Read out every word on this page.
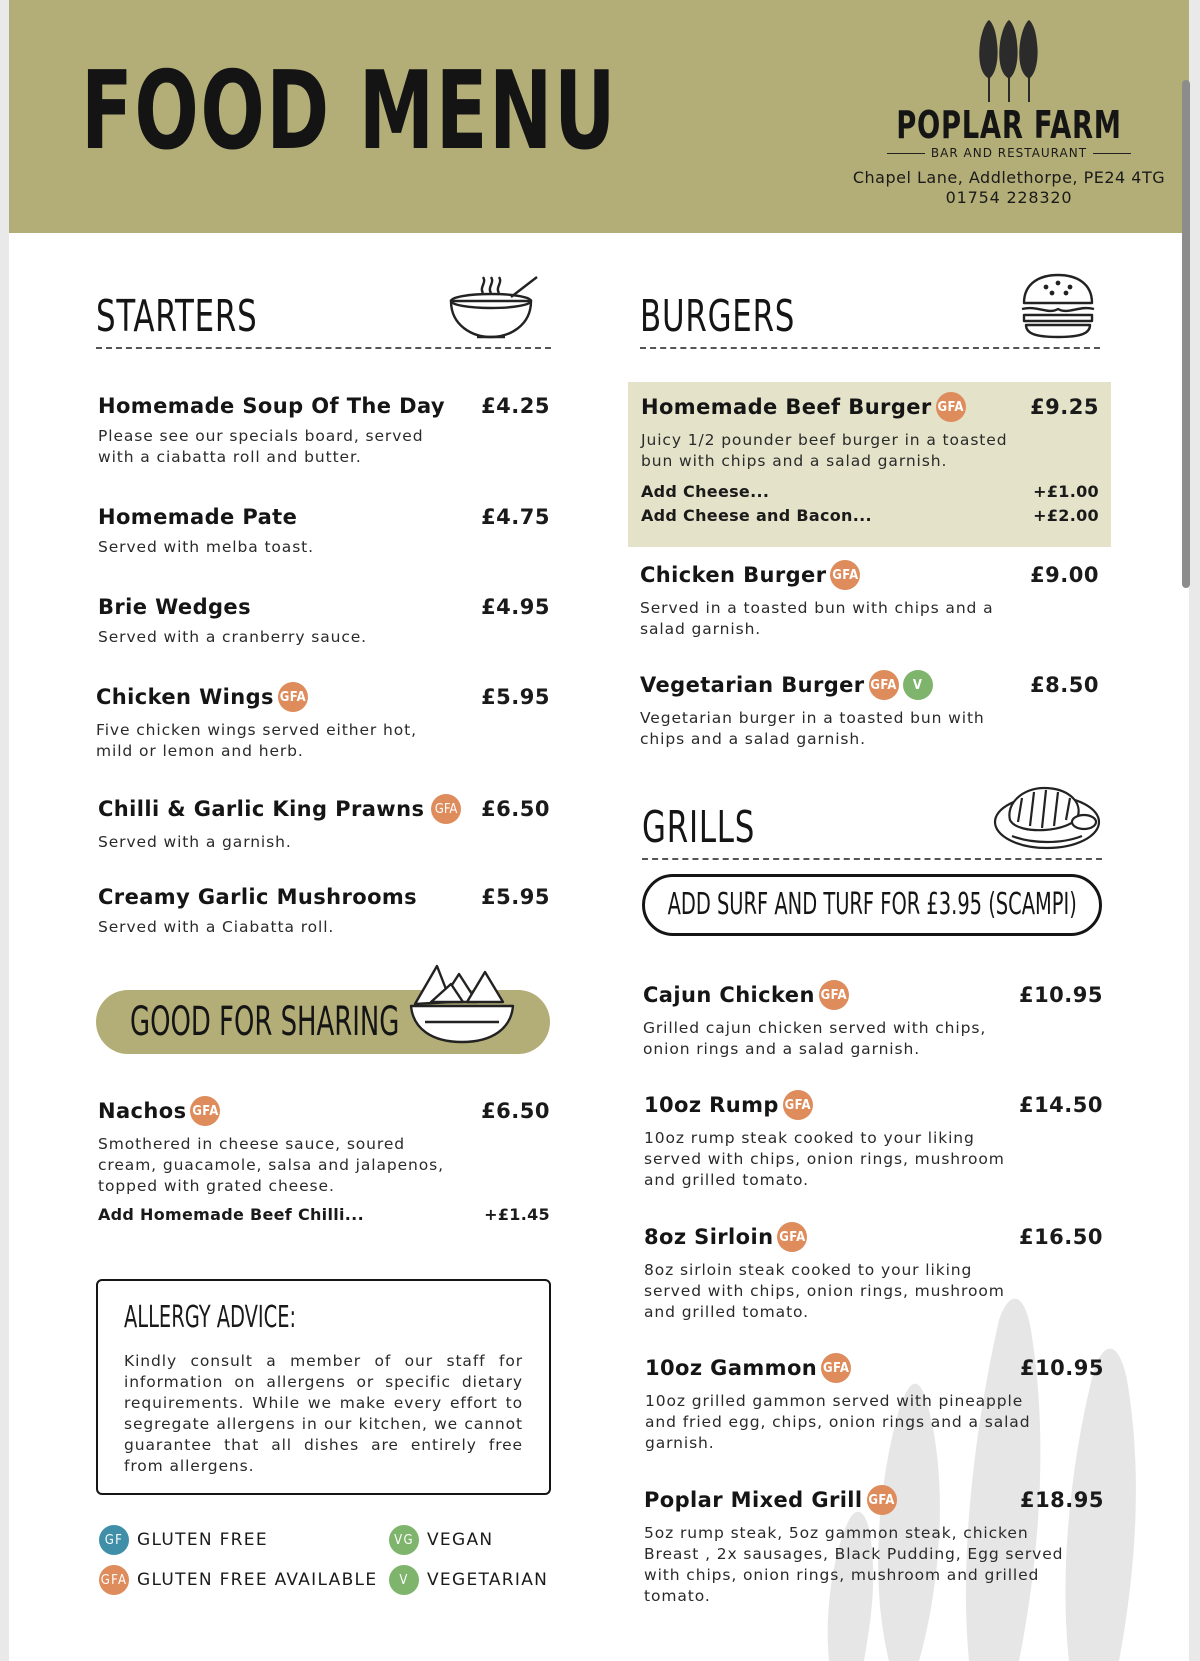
FOOD MENU	POPLAR FARM
BAR AND RESTAURANT
Chapel Lane, Addlethorpe, PE24 4TG
01754 228320
STARTERS
Homemade Soup Of The Day £4.25
Please see our specials board, served with a ciabatta roll and butter.
Homemade Pate	£4.75
Served with melba toast.
Brie Wedges	£4.95
Served with a cranberry sauce.
Chicken Wings GFA	£5.95
Five chicken wings served either hot, mild or lemon and herb.
Chilli & Garlic King Prawns GFA £6.50
Served with a garnish.
Creamy Garlic Mushrooms	£5.95
Served with a Ciabatta roll.
GOOD FOR SHARING
Nachos GFA	£6.50
Smothered in cheese sauce, soured cream, guacamole, salsa and jalapenos, topped with grated cheese.
Add Homemade Beef Chilli...	+£1.45
ALLERGY ADVICE:
Kindly consult a member of our staff for information on allergens or specific dietary requirements. While we make every effort to segregate allergens in our kitchen, we cannot guarantee that all dishes are entirely free from allergens.
GF GLUTEN FREE
GFA GLUTEN FREE AVAILABLE
VG VEGAN
V	VEGETARIAN
BURGERS
Homemade Beef Burger GFA	£9.25
Juicy 1/2 pounder beef burger in a toasted bun with chips and a salad garnish.
Add Cheese...	+£1.00
Add Cheese and Bacon...	+£2.00
Chicken Burger GFA	£9.00
Served in a toasted bun with chips and a salad garnish.
Vegetarian Burger GFA	V	£8.50
Vegetarian burger in a toasted bun with chips and a salad garnish.
GRILLS
ADD SURF AND TURF FOR £3.95 (SCAMPI)
Cajun Chicken GFA	£10.95
Grilled cajun chicken served with chips, onion rings and a salad garnish.
10oz Rump GFA	£14.50
10oz rump steak cooked to your liking served with chips, onion rings, mushroom and grilled tomato.
8oz Sirloin GFA	£16.50
8oz sirloin steak cooked to your liking served with chips, onion rings, mushroom and grilled tomato.
10oz Gammon GFA	£10.95
10oz grilled gammon served with pineapple and fried egg, chips, onion rings and a salad garnish.
Poplar Mixed Grill GFA	£18.95
5oz rump steak, 5oz gammon steak, chicken Breast , 2x sausages, Black Pudding, Egg served with chips, onion rings, mushroom and grilled tomato.
